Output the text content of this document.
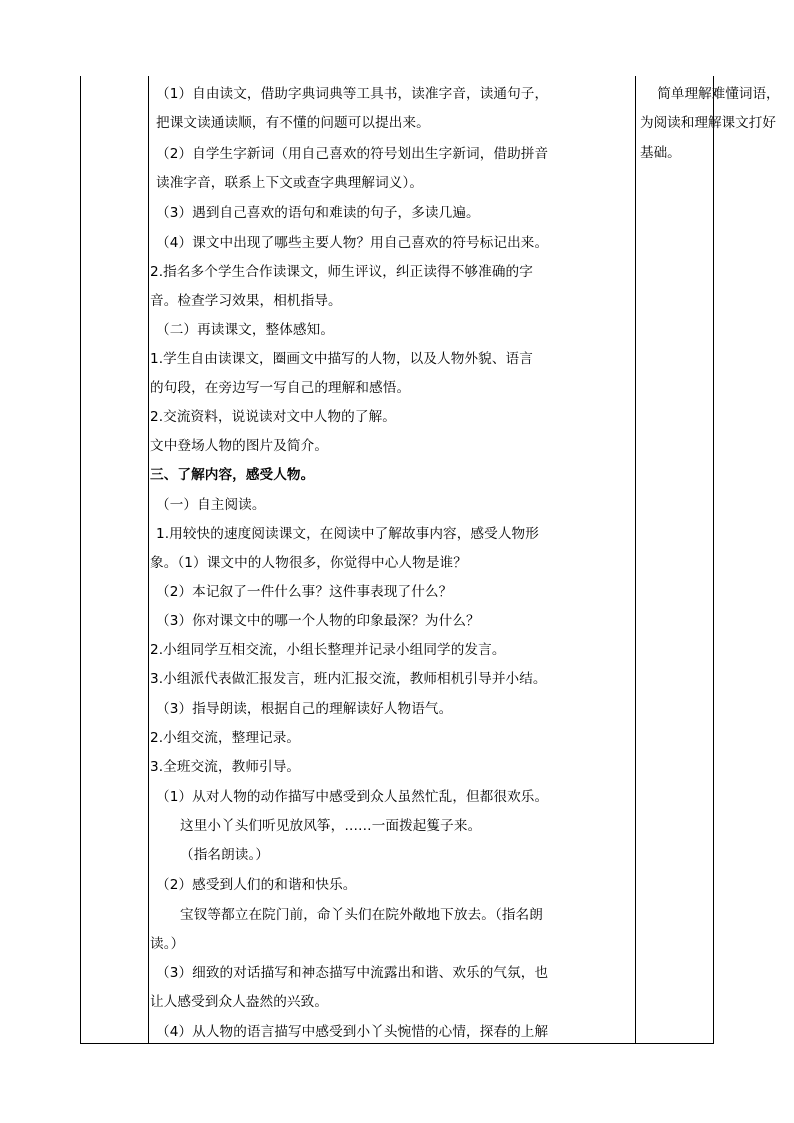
（1）自由读文，借助字典词典等工具书，读准字音，读通句子，
把课文读通读顺，有不懂的问题可以提出来。
（2）自学生字新词（用自己喜欢的符号划出生字新词，借助拼音
读准字音，联系上下文或查字典理解词义）。
（3）遇到自己喜欢的语句和难读的句子，多读几遍。
（4）课文中出现了哪些主要人物？用自己喜欢的符号标记出来。
2.指名多个学生合作读课文，师生评议，纠正读得不够准确的字
音。检查学习效果，相机指导。
（二）再读课文，整体感知。
1.学生自由读课文，圈画文中描写的人物，以及人物外貌、语言
的句段，在旁边写一写自己的理解和感悟。
2.交流资料，说说读对文中人物的了解。
文中登场人物的图片及简介。
三、了解内容，感受人物。
（一）自主阅读。
1.用较快的速度阅读课文，在阅读中了解故事内容，感受人物形
象。（1）课文中的人物很多，你觉得中心人物是谁？
（2）本记叙了一件什么事？这件事表现了什么？
（3）你对课文中的哪一个人物的印象最深？为什么？
2.小组同学互相交流，小组长整理并记录小组同学的发言。
3.小组派代表做汇报发言，班内汇报交流，教师相机引导并小结。
（3）指导朗读，根据自己的理解读好人物语气。
2.小组交流，整理记录。
3.全班交流，教师引导。
（1）从对人物的动作描写中感受到众人虽然忙乱，但都很欢乐。
这里小丫头们听见放风筝，……一面拨起篗子来。
（指名朗读。）
（2）感受到人们的和谐和快乐。
宝钗等都立在院门前，命丫头们在院外敞地下放去。（指名朗
读。）
（3）细致的对话描写和神态描写中流露出和谐、欢乐的气氛，也
让人感受到众人盎然的兴致。
（4）从人物的语言描写中感受到小丫头惋惜的心情，探春的上解
简单理解难懂词语，
为阅读和理解课文打好
基础。
